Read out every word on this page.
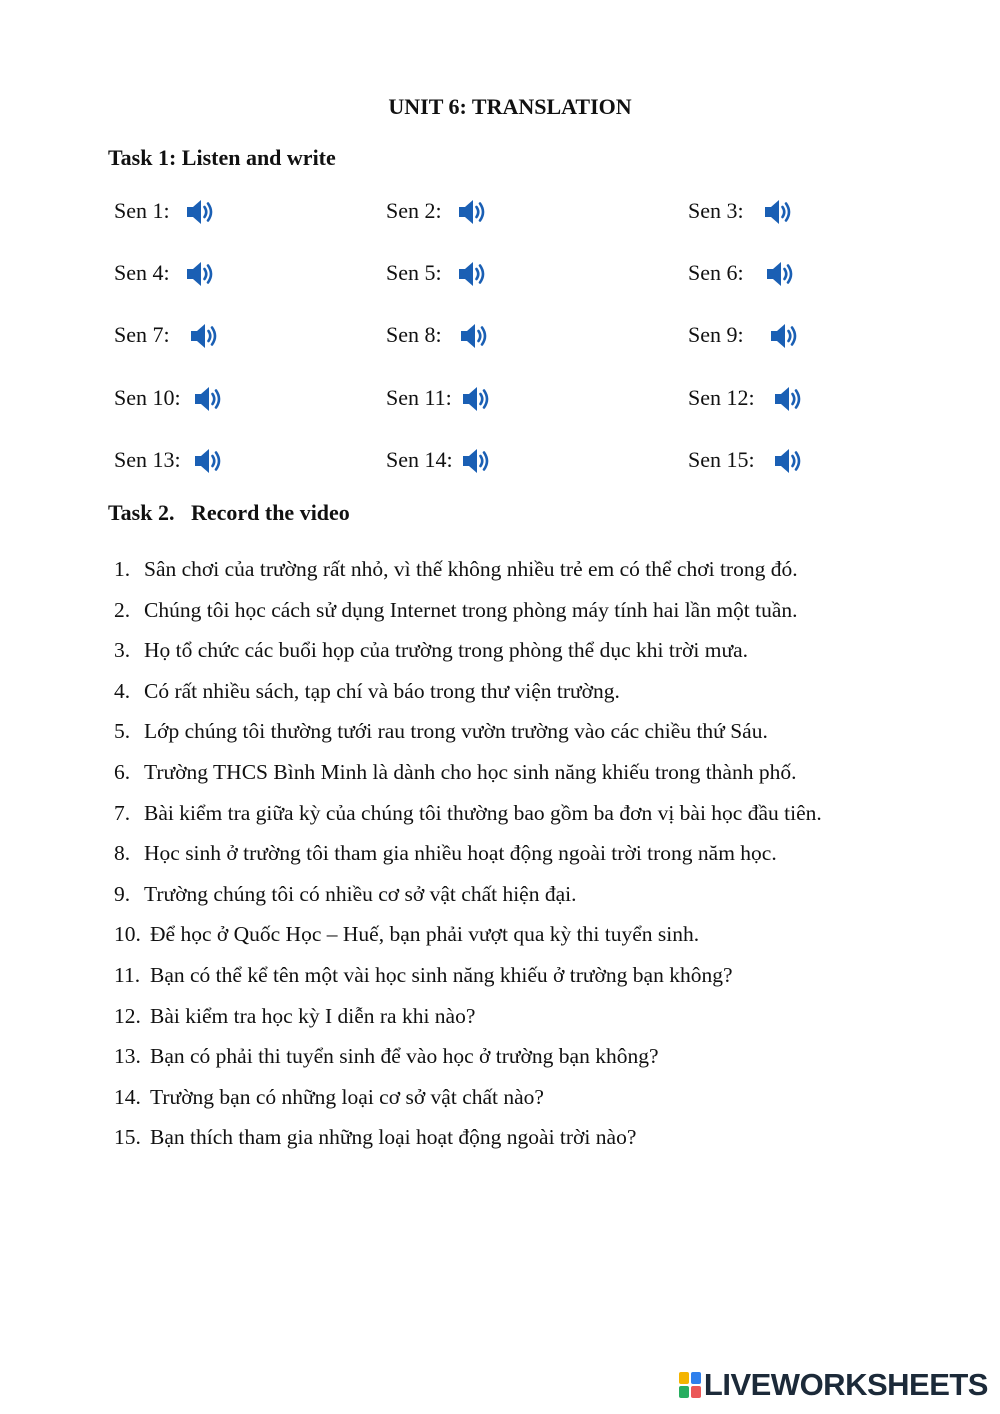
UNIT 6: TRANSLATION
Task 1: Listen and write
Sen 1:	Sen 2:	Sen 3:
Sen 4:	Sen 5:	Sen 6:
Sen 7:	Sen 8:	Sen 9:
Sen 10:	Sen 11:	Sen 12:
Sen 13:	Sen 14:	Sen 15:
Task 2.   Record the video
1. Sân chơi của trường rất nhỏ, vì thế không nhiều trẻ em có thể chơi trong đó.
2. Chúng tôi học cách sử dụng Internet trong phòng máy tính hai lần một tuần.
3. Họ tổ chức các buổi họp của trường trong phòng thể dục khi trời mưa.
4. Có rất nhiều sách, tạp chí và báo trong thư viện trường.
5. Lớp chúng tôi thường tưới rau trong vườn trường vào các chiều thứ Sáu.
6. Trường THCS Bình Minh là dành cho học sinh năng khiếu trong thành phố.
7. Bài kiểm tra giữa kỳ của chúng tôi thường bao gồm ba đơn vị bài học đầu tiên.
8. Học sinh ở trường tôi tham gia nhiều hoạt động ngoài trời trong năm học.
9. Trường chúng tôi có nhiều cơ sở vật chất hiện đại.
10. Để học ở Quốc Học – Huế, bạn phải vượt qua kỳ thi tuyển sinh.
11. Bạn có thể kể tên một vài học sinh năng khiếu ở trường bạn không?
12. Bài kiểm tra học kỳ I diễn ra khi nào?
13. Bạn có phải thi tuyển sinh để vào học ở trường bạn không?
14. Trường bạn có những loại cơ sở vật chất nào?
15. Bạn thích tham gia những loại hoạt động ngoài trời nào?
LIVEWORKSHEETS
